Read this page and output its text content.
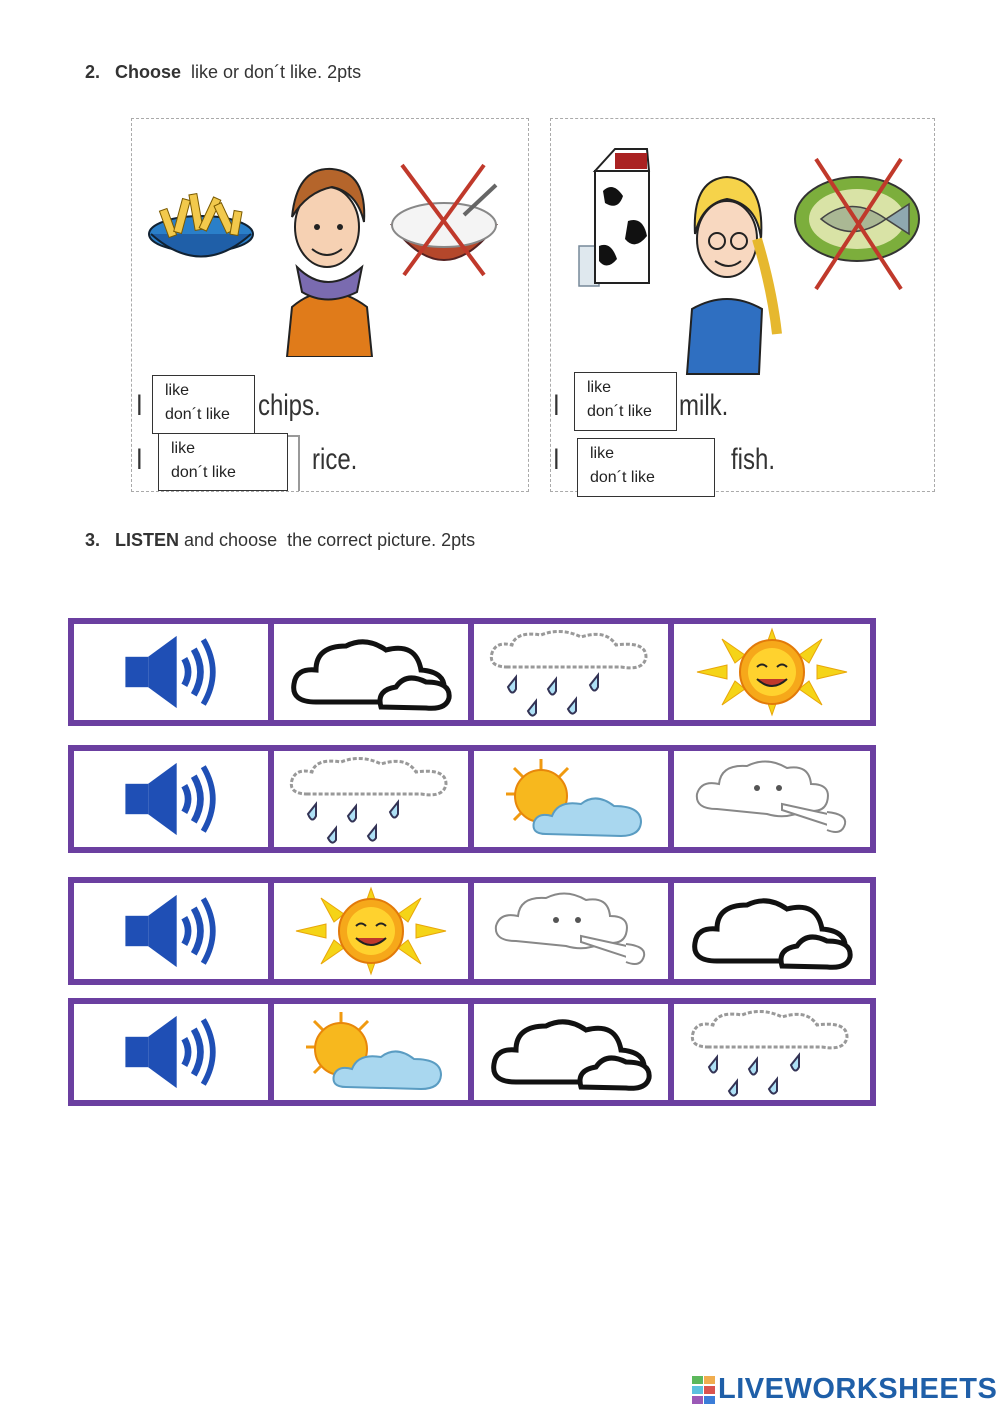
2. Choose  like or don´t like. 2pts
I	chips.
I	rice.
I	milk.
I	fish.
like
don´t like
like
don´t like
like
don´t like
like
don´t like
3. LISTEN and choose  the correct picture. 2pts
LIVEWORKSHEETS
